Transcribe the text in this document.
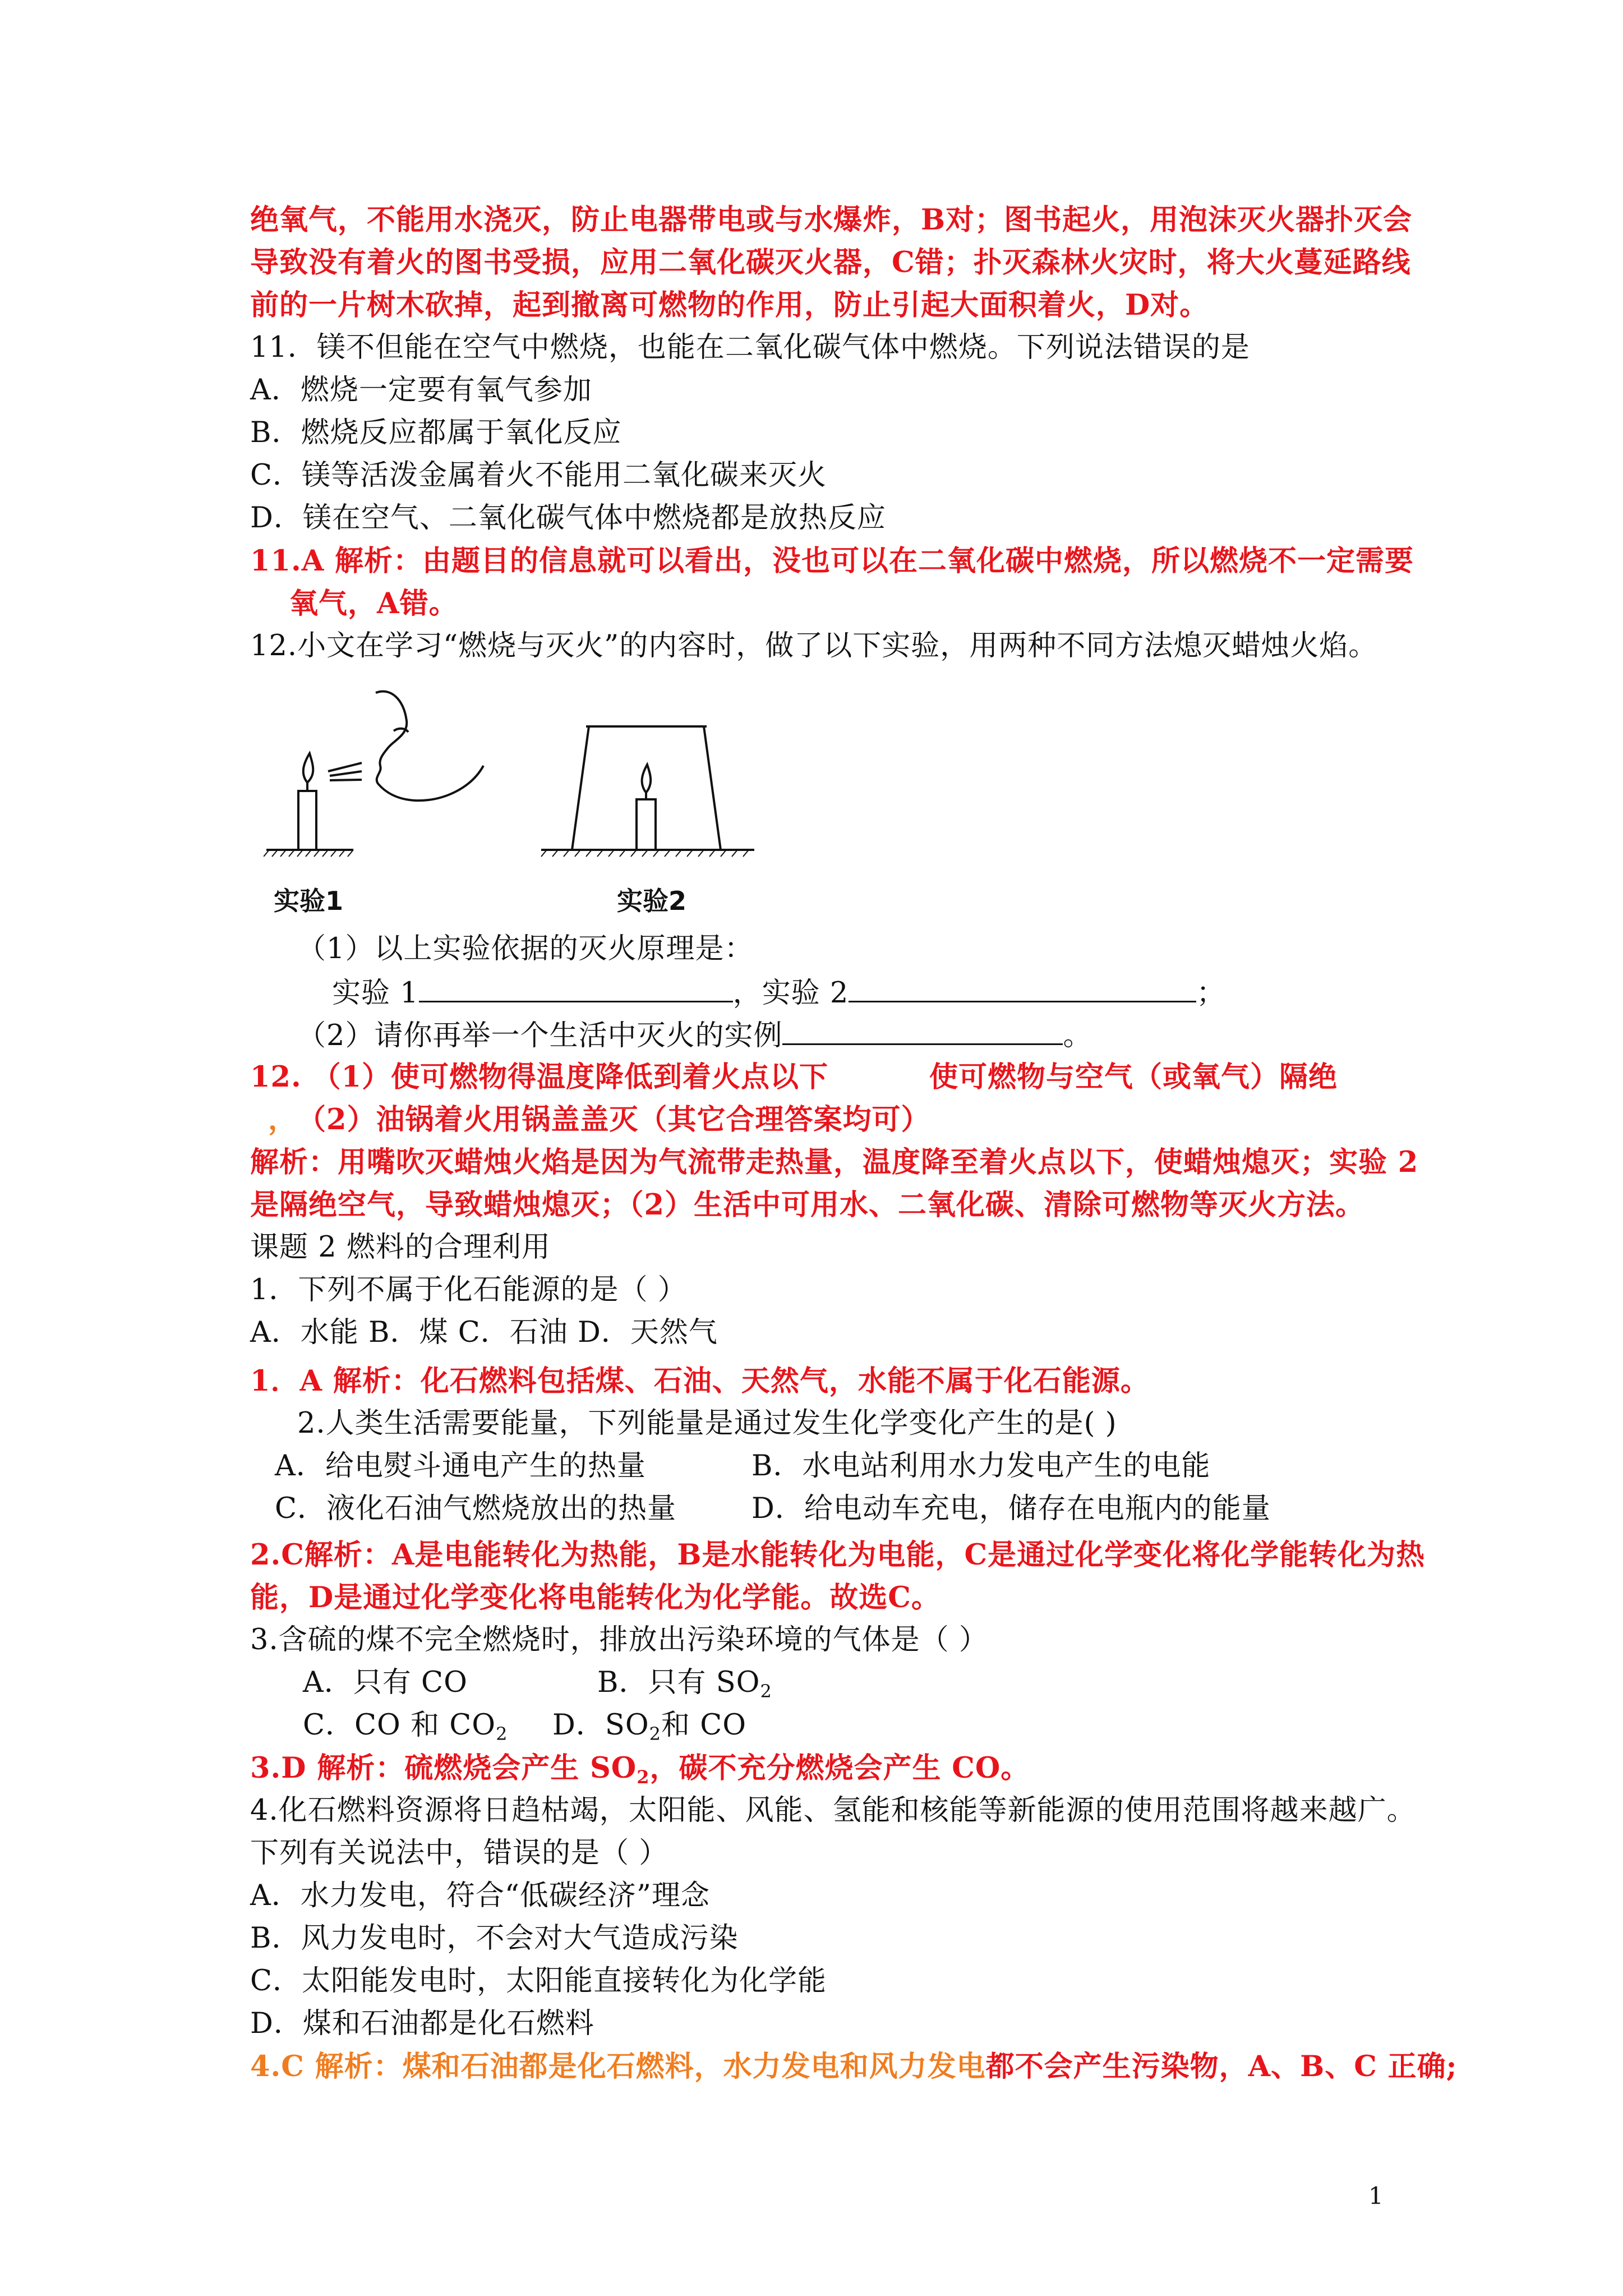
绝氧气，不能用水浇灭，防止电器带电或与水爆炸，B对；图书起火，用泡沫灭火器扑灭会
导致没有着火的图书受损，应用二氧化碳灭火器，C错；扑灭森林火灾时，将大火蔓延路线
前的一片树木砍掉，起到撤离可燃物的作用，防止引起大面积着火，D对。
11．镁不但能在空气中燃烧，也能在二氧化碳气体中燃烧。下列说法错误的是
A．燃烧一定要有氧气参加
B．燃烧反应都属于氧化反应
C．镁等活泼金属着火不能用二氧化碳来灭火
D．镁在空气、二氧化碳气体中燃烧都是放热反应
11.A 解析：由题目的信息就可以看出，没也可以在二氧化碳中燃烧，所以燃烧不一定需要
氧气，A错。
12.小文在学习“燃烧与灭火”的内容时，做了以下实验，用两种不同方法熄灭蜡烛火焰。
实验1	实验2
（1）以上实验依据的灭火原理是：
实验 1	，实验 2	；
（2）请你再举一个生活中灭火的实例	。
12. （1）使可燃物得温度降低到着火点以下	使可燃物与空气（或氧气）隔绝
，（2）油锅着火用锅盖盖灭（其它合理答案均可）
解析：用嘴吹灭蜡烛火焰是因为气流带走热量，温度降至着火点以下，使蜡烛熄灭；实验 2
是隔绝空气，导致蜡烛熄灭；（2）生活中可用水、二氧化碳、清除可燃物等灭火方法。
课题 2 燃料的合理利用
1．下列不属于化石能源的是（ ）
A．水能 B．煤 C．石油 D．天然气
1．A 解析：化石燃料包括煤、石油、天然气，水能不属于化石能源。
2.人类生活需要能量，下列能量是通过发生化学变化产生的是( )
A．给电熨斗通电产生的热量	B．水电站利用水力发电产生的电能
C．液化石油气燃烧放出的热量	D．给电动车充电，储存在电瓶内的能量
2.C解析：A是电能转化为热能，B是水能转化为电能，C是通过化学变化将化学能转化为热
能，D是通过化学变化将电能转化为化学能。故选C。
3.含硫的煤不完全燃烧时，排放出污染环境的气体是（ ）
A．只有 CO	B．只有 $SO_2$
C．CO 和 $CO_2$ D．$SO_2$和 CO
3.D 解析：硫燃烧会产生 $SO_2$，碳不充分燃烧会产生 CO。
4.化石燃料资源将日趋枯竭，太阳能、风能、氢能和核能等新能源的使用范围将越来越广。
下列有关说法中，错误的是（ ）
A．水力发电，符合“低碳经济”理念
B．风力发电时，不会对大气造成污染
C．太阳能发电时，太阳能直接转化为化学能
D．煤和石油都是化石燃料
4.C 解析：煤和石油都是化石燃料，水力发电和风力发电都不会产生污染物，A、B、C 正确;
1
